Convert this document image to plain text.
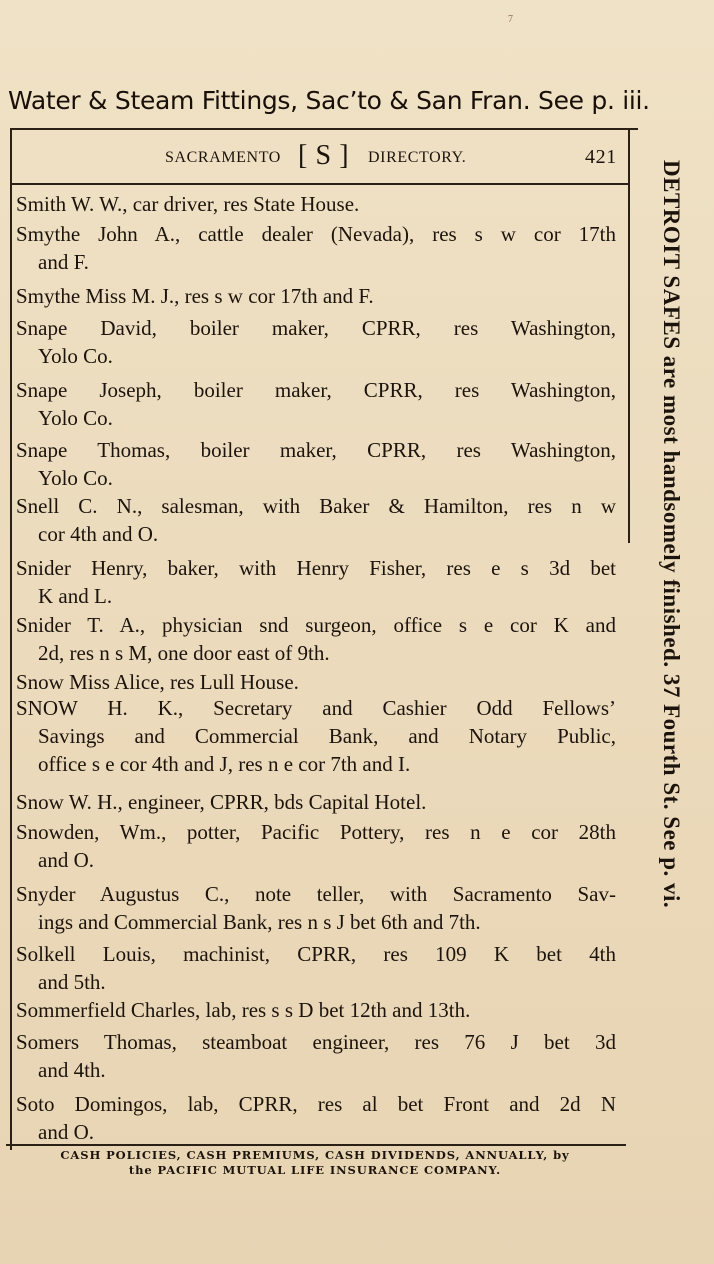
7
Water & Steam Fittings, Sac’to & San Fran. See p. iii.
SACRAMENTO [ S ] DIRECTORY.	421
Smith W. W., car driver, res State House.
Smythe John A., cattle dealer (Nevada), res s w cor 17th
and F.
Smythe Miss M. J., res s w cor 17th and F.
Snape David, boiler maker, CPRR, res Washington,
Yolo Co.
Snape Joseph, boiler maker, CPRR, res Washington,
Yolo Co.
Snape Thomas, boiler maker, CPRR, res Washington,
Yolo Co.
Snell C. N., salesman, with Baker & Hamilton, res n w
cor 4th and O.
Snider Henry, baker, with Henry Fisher, res e s 3d bet
K and L.
Snider T. A., physician snd surgeon, office s e cor K and
2d, res n s M, one door east of 9th.
Snow Miss Alice, res Lull House.
SNOW H. K., Secretary and Cashier Odd Fellows’
Savings and Commercial Bank, and Notary Public,
office s e cor 4th and J, res n e cor 7th and I.
Snow W. H., engineer, CPRR, bds Capital Hotel.
Snowden, Wm., potter, Pacific Pottery, res n e cor 28th
and O.
Snyder Augustus C., note teller, with Sacramento Sav-
ings and Commercial Bank, res n s J bet 6th and 7th.
Solkell Louis, machinist, CPRR, res 109 K bet 4th
and 5th.
Sommerfield Charles, lab, res s s D bet 12th and 13th.
Somers Thomas, steamboat engineer, res 76 J bet 3d
and 4th.
Soto Domingos, lab, CPRR, res al bet Front and 2d N
and O.
DETROIT SAFES are most handsomely finished. 37 Fourth St. See p. vi.
CASH POLICIES, CASH PREMIUMS, CASH DIVIDENDS, ANNUALLY, by
the PACIFIC MUTUAL LIFE INSURANCE COMPANY.
